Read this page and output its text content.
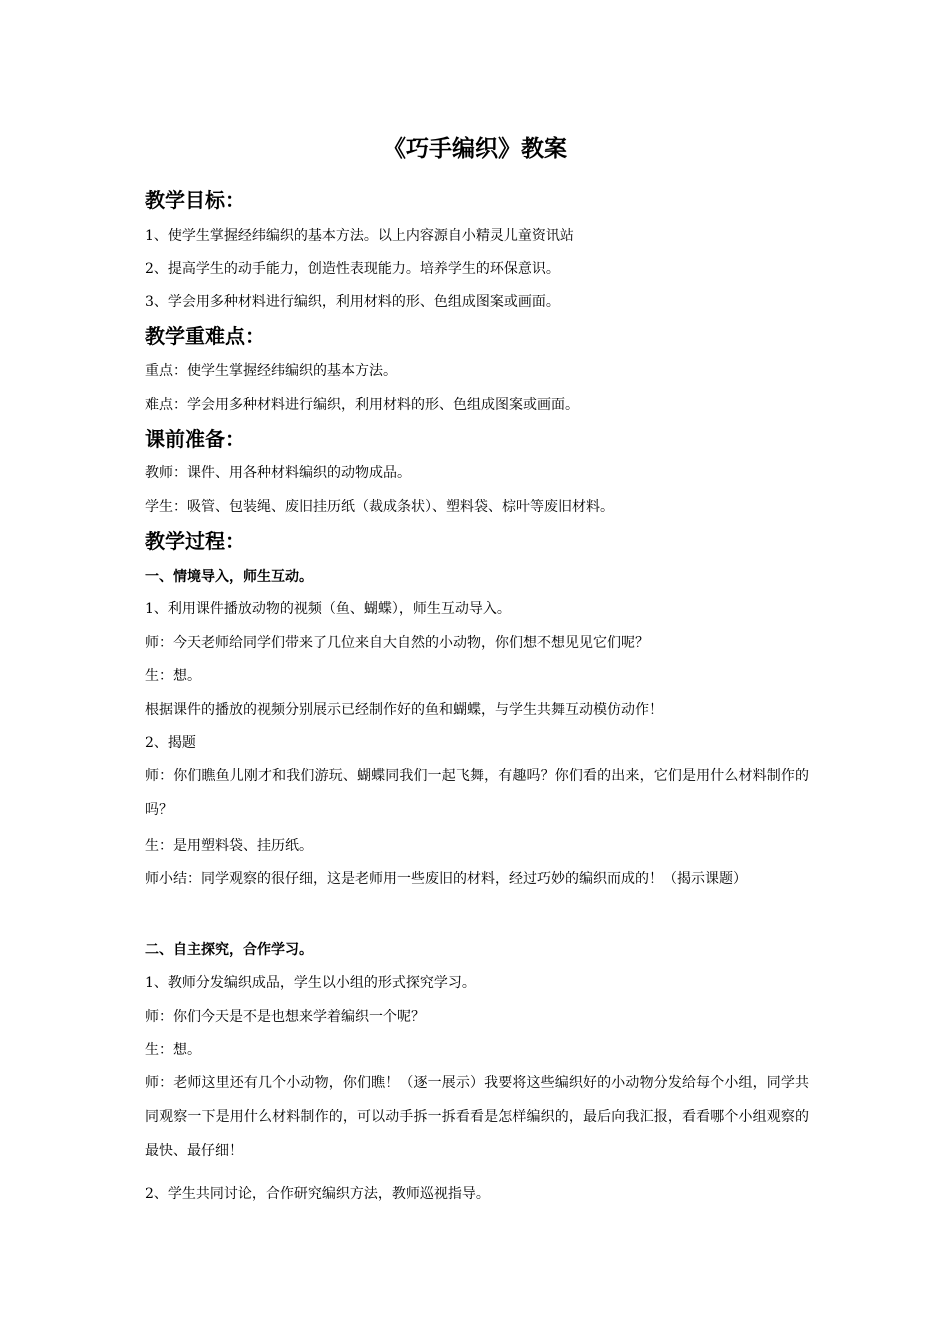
《巧手编织》教案
教学目标：
1、使学生掌握经纬编织的基本方法。以上内容源自小精灵儿童资讯站
2、提高学生的动手能力，创造性表现能力。培养学生的环保意识。
3、学会用多种材料进行编织，利用材料的形、色组成图案或画面。
教学重难点：
重点：使学生掌握经纬编织的基本方法。
难点：学会用多种材料进行编织，利用材料的形、色组成图案或画面。
课前准备：
教师：课件、用各种材料编织的动物成品。
学生：吸管、包装绳、废旧挂历纸（裁成条状）、塑料袋、棕叶等废旧材料。
教学过程：
一、情境导入，师生互动。
1、利用课件播放动物的视频（鱼、蝴蝶），师生互动导入。
师：今天老师给同学们带来了几位来自大自然的小动物，你们想不想见见它们呢？
生：想。
根据课件的播放的视频分别展示已经制作好的鱼和蝴蝶，与学生共舞互动模仿动作！
2、揭题
师：你们瞧鱼儿刚才和我们游玩、蝴蝶同我们一起飞舞，有趣吗？你们看的出来，它们是用什么材料制作的吗？
生：是用塑料袋、挂历纸。
师小结：同学观察的很仔细，这是老师用一些废旧的材料，经过巧妙的编织而成的！（揭示课题）
二、自主探究，合作学习。
1、教师分发编织成品，学生以小组的形式探究学习。
师：你们今天是不是也想来学着编织一个呢？
生：想。
师：老师这里还有几个小动物，你们瞧！（逐一展示）我要将这些编织好的小动物分发给每个小组，同学共同观察一下是用什么材料制作的，可以动手拆一拆看看是怎样编织的，最后向我汇报，看看哪个小组观察的最快、最仔细！
2、学生共同讨论，合作研究编织方法，教师巡视指导。
